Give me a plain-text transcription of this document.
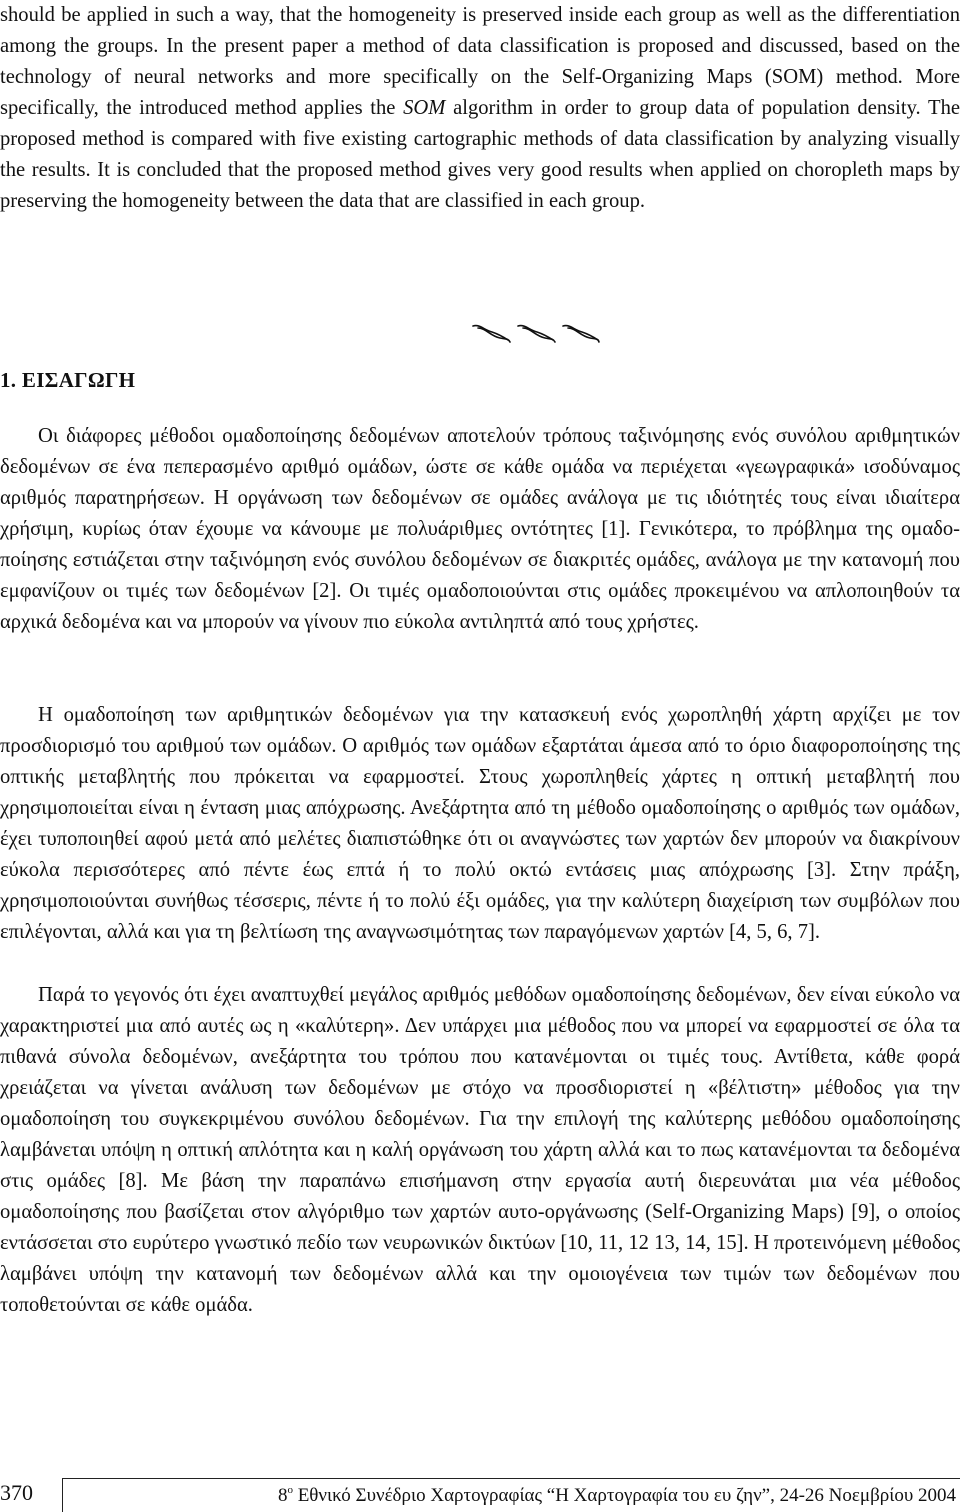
should be applied in such a way, that the homogeneity is preserved inside each group as well as the differentiation among the groups. In the present paper a method of data classification is proposed and discussed, based on the technology of neural networks and more specifically on the Self-Organizing Maps (SOM) method. More specifically, the introduced method applies the SOM algorithm in order to group data of population density. The proposed method is compared with five existing cartographic methods of data classification by analyzing visually the results. It is concluded that the proposed method gives very good results when applied on choropleth maps by preserving the homogeneity between the data that are classified in each group.

1. ΕΙΣΑΓΩΓΗ

Οι διάφορες μέθοδοι ομαδοποίησης δεδομένων αποτελούν τρόπους ταξινόμησης ενός συνόλου αριθμητικών δεδομένων σε ένα πεπερασμένο αριθμό ομάδων, ώστε σε κάθε ομάδα να περιέχεται «γεωγραφικά» ισοδύναμος αριθμός παρατηρήσεων. Η οργάνωση των δεδομένων σε ομάδες ανάλογα με τις ιδιότητές τους είναι ιδιαίτερα χρήσιμη, κυρίως όταν έχουμε να κάνουμε με πολυάριθμες οντότητες [1]. Γενικότερα, το πρόβλημα της ομαδοποίησης εστιάζεται στην ταξινόμηση ενός συνόλου δεδομένων σε διακριτές ομάδες, ανάλογα με την κατανομή που εμφανίζουν οι τιμές των δεδομένων [2]. Οι τιμές ομαδοποιούνται στις ομάδες προκειμένου να απλοποιηθούν τα αρχικά δεδομένα και να μπορούν να γίνουν πιο εύκολα αντιληπτά από τους χρήστες.

Η ομαδοποίηση των αριθμητικών δεδομένων για την κατασκευή ενός χωροπληθή χάρτη αρχίζει με τον προσδιορισμό του αριθμού των ομάδων. Ο αριθμός των ομάδων εξαρτάται άμεσα από το όριο διαφοροποίησης της οπτικής μεταβλητής που πρόκειται να εφαρμοστεί. Στους χωροπληθείς χάρτες η οπτική μεταβλητή που χρησιμοποιείται είναι η ένταση μιας απόχρωσης. Ανεξάρτητα από τη μέθοδο ομαδοποίησης ο αριθμός των ομάδων, έχει τυποποιηθεί αφού μετά από μελέτες διαπιστώθηκε ότι οι αναγνώστες των χαρτών δεν μπορούν να διακρίνουν εύκολα περισσότερες από πέντε έως επτά ή το πολύ οκτώ εντάσεις μιας απόχρωσης [3]. Στην πράξη, χρησιμοποιούνται συνήθως τέσσερις, πέντε ή το πολύ έξι ομάδες, για την καλύτερη διαχείριση των συμβόλων που επιλέγονται, αλλά και για τη βελτίωση της αναγνωσιμότητας των παραγόμενων χαρτών [4, 5, 6, 7].

Παρά το γεγονός ότι έχει αναπτυχθεί μεγάλος αριθμός μεθόδων ομαδοποίησης δεδομένων, δεν είναι εύκολο να χαρακτηριστεί μια από αυτές ως η «καλύτερη». Δεν υπάρχει μια μέθοδος που να μπορεί να εφαρμοστεί σε όλα τα πιθανά σύνολα δεδομένων, ανεξάρτητα του τρόπου που κατανέμονται οι τιμές τους. Αντίθετα, κάθε φορά χρειάζεται να γίνεται ανάλυση των δεδομένων με στόχο να προσδιοριστεί η «βέλτιστη» μέθοδος για την ομαδοποίηση του συγκεκριμένου συνόλου δεδομένων. Για την επιλογή της καλύτερης μεθόδου ομαδοποίησης λαμβάνεται υπόψη η οπτική απλότητα και η καλή οργάνωση του χάρτη αλλά και το πως κατανέμονται τα δεδομένα στις ομάδες [8]. Με βάση την παραπάνω επισήμανση στην εργασία αυτή διερευνάται μια νέα μέθοδος ομαδοποίησης που βασίζεται στον αλγόριθμο των χαρτών αυτο-οργάνωσης (Self-Organizing Maps) [9], ο οποίος εντάσσεται στο ευρύτερο γνωστικό πεδίο των νευρωνικών δικτύων [10, 11, 12 13, 14, 15]. Η προτεινόμενη μέθοδος λαμβάνει υπόψη την κατανομή των δεδομένων αλλά και την ομοιογένεια των τιμών των δεδομένων που τοποθετούνται σε κάθε ομάδα.

370	$8^o$ Εθνικό Συνέδριο Χαρτογραφίας “Η Χαρτογραφία του ευ ζην”, 24-26 Νοεμβρίου 2004
